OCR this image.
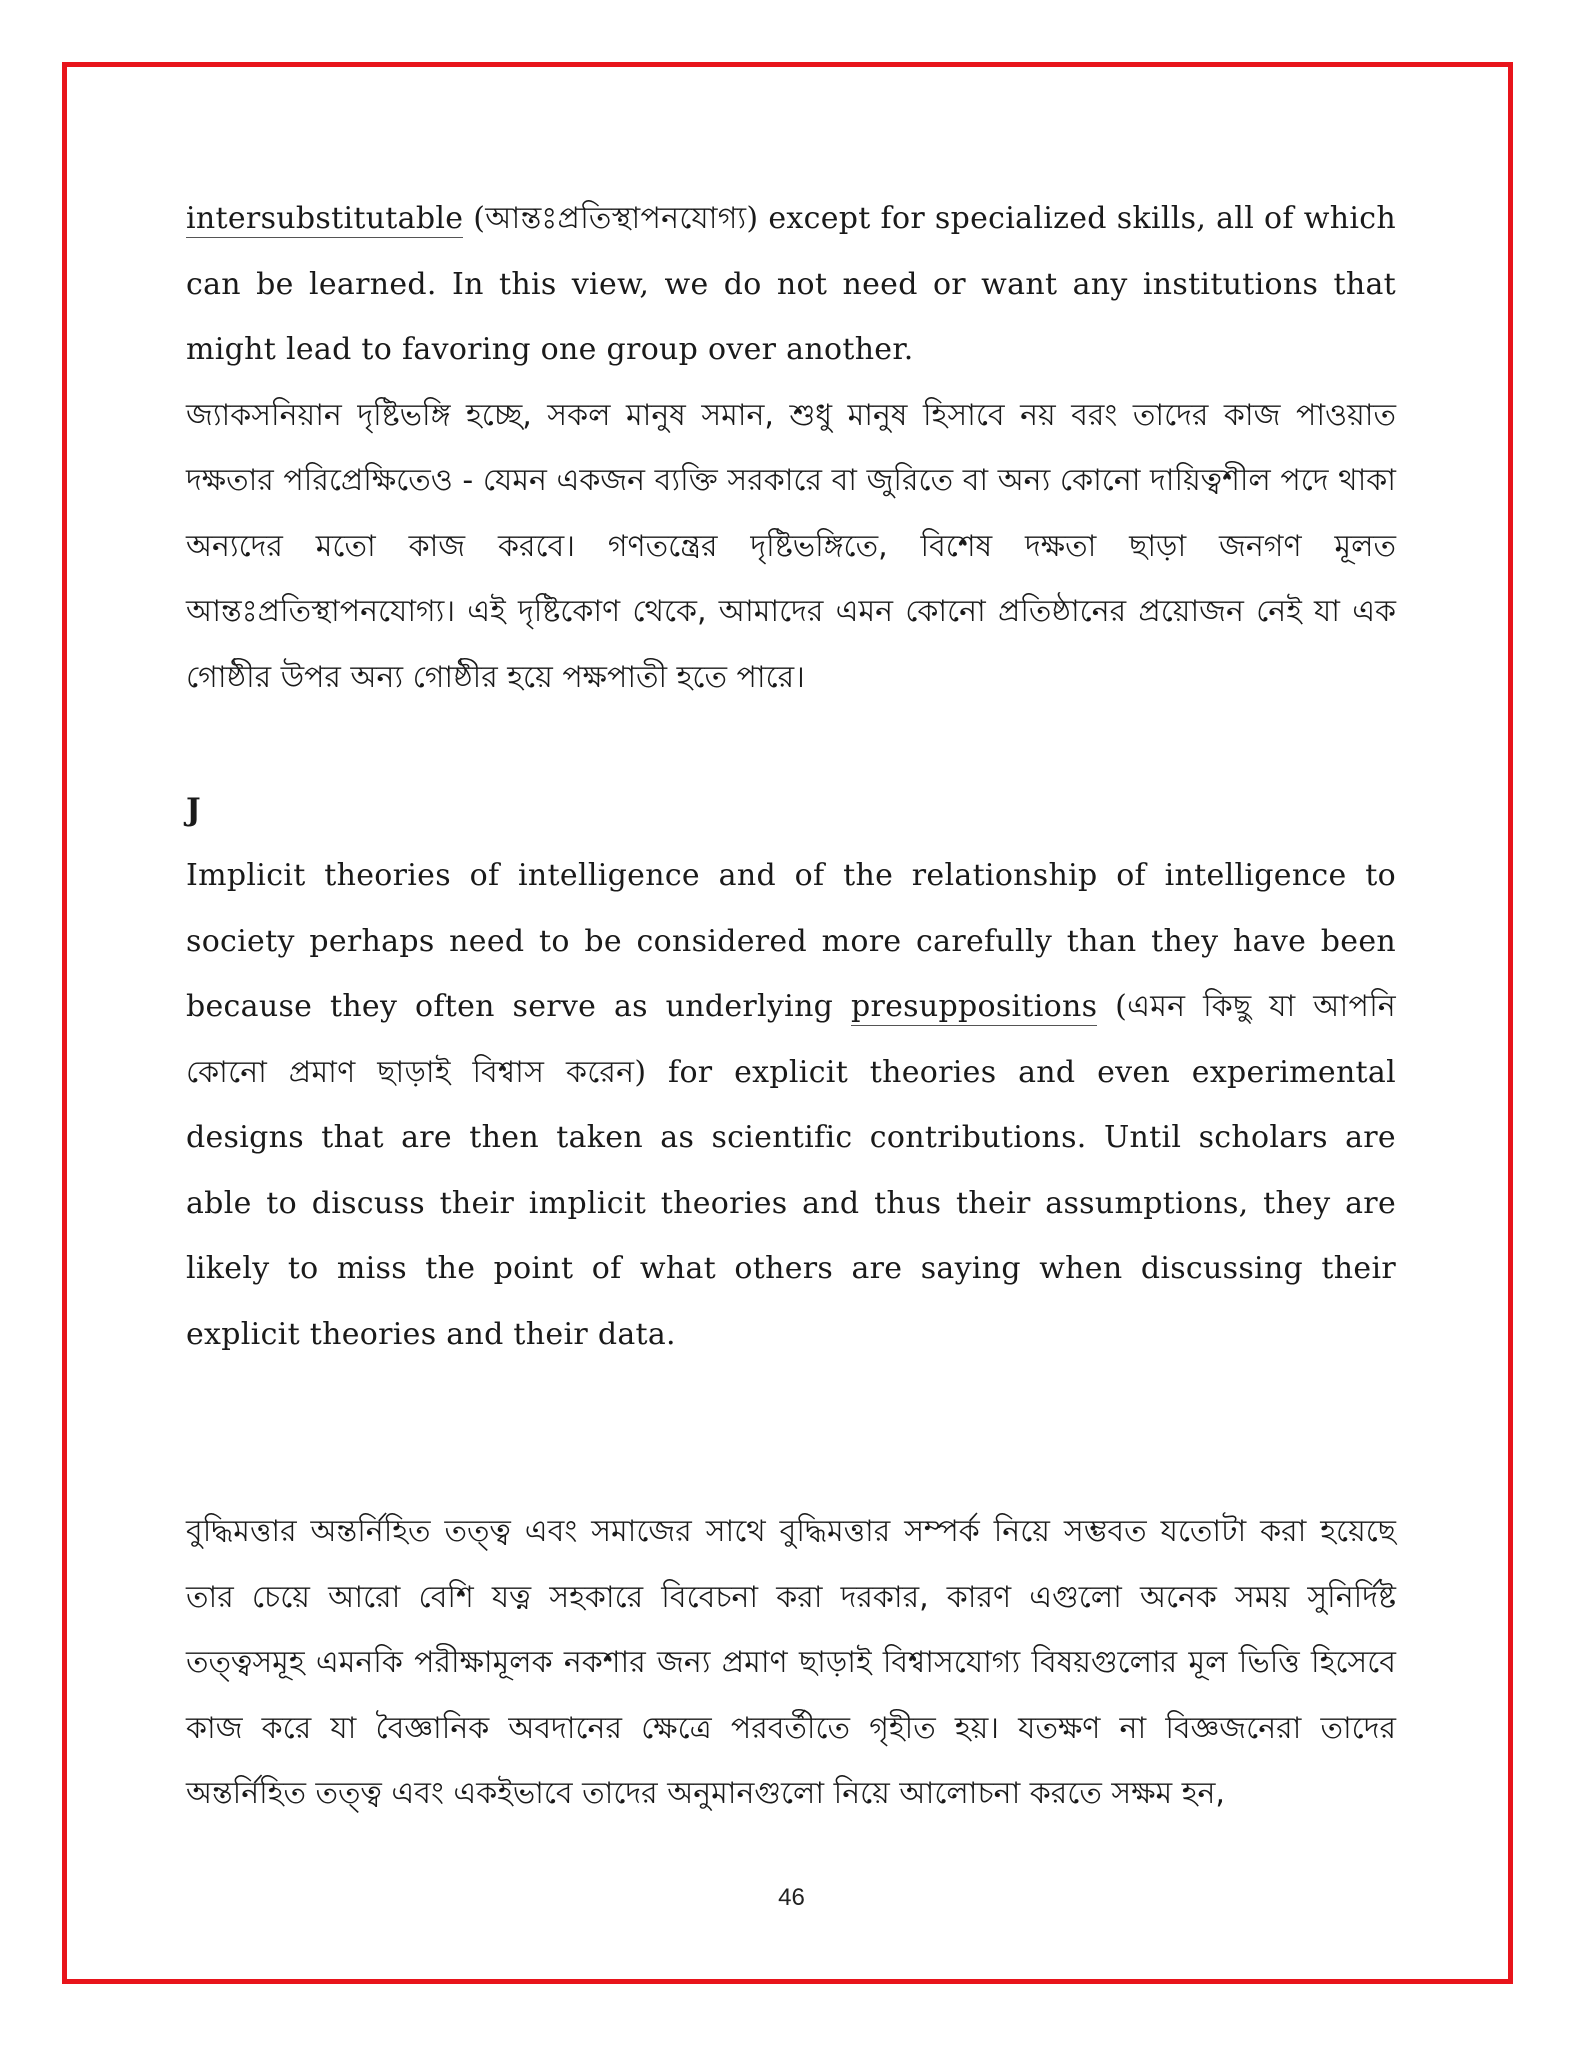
intersubstitutable (আন্তঃপ্রতিস্থাপনযোগ্য) except for specialized skills, all of which can be learned. In this view, we do not need or want any institutions that might lead to favoring one group over another.

জ্যাকসনিয়ান দৃষ্টিভঙ্গি হচ্ছে, সকল মানুষ সমান, শুধু মানুষ হিসাবে নয় বরং তাদের কাজ পাওয়াত দক্ষতার পরিপ্রেক্ষিতেও - যেমন একজন ব্যক্তি সরকারে বা জুরিতে বা অন্য কোনো দায়িত্বশীল পদে থাকা অন্যদের মতো কাজ করবে। গণতন্ত্রের দৃষ্টিভঙ্গিতে, বিশেষ দক্ষতা ছাড়া জনগণ মূলত আন্তঃপ্রতিস্থাপনযোগ্য। এই দৃষ্টিকোণ থেকে, আমাদের এমন কোনো প্রতিষ্ঠানের প্রয়োজন নেই যা এক গোষ্ঠীর উপর অন্য গোষ্ঠীর হয়ে পক্ষপাতী হতে পারে।

J

Implicit theories of intelligence and of the relationship of intelligence to society perhaps need to be considered more carefully than they have been because they often serve as underlying presuppositions (এমন কিছু যা আপনি কোনো প্রমাণ ছাড়াই বিশ্বাস করেন) for explicit theories and even experimental designs that are then taken as scientific contributions. Until scholars are able to discuss their implicit theories and thus their assumptions, they are likely to miss the point of what others are saying when discussing their explicit theories and their data.

বুদ্ধিমত্তার অন্তর্নিহিত তত্ত্ব এবং সমাজের সাথে বুদ্ধিমত্তার সম্পর্ক নিয়ে সম্ভবত যতোটা করা হয়েছে তার চেয়ে আরো বেশি যত্ন সহকারে বিবেচনা করা দরকার, কারণ এগুলো অনেক সময় সুনির্দিষ্ট তত্ত্বসমূহ এমনকি পরীক্ষামূলক নকশার জন্য প্রমাণ ছাড়াই বিশ্বাসযোগ্য বিষয়গুলোর মূল ভিত্তি হিসেবে কাজ করে যা বৈজ্ঞানিক অবদানের ক্ষেত্রে পরবর্তীতে গৃহীত হয়। যতক্ষণ না বিজ্ঞজনেরা তাদের অন্তর্নিহিত তত্ত্ব এবং একইভাবে তাদের অনুমানগুলো নিয়ে আলোচনা করতে সক্ষম হন,

46
